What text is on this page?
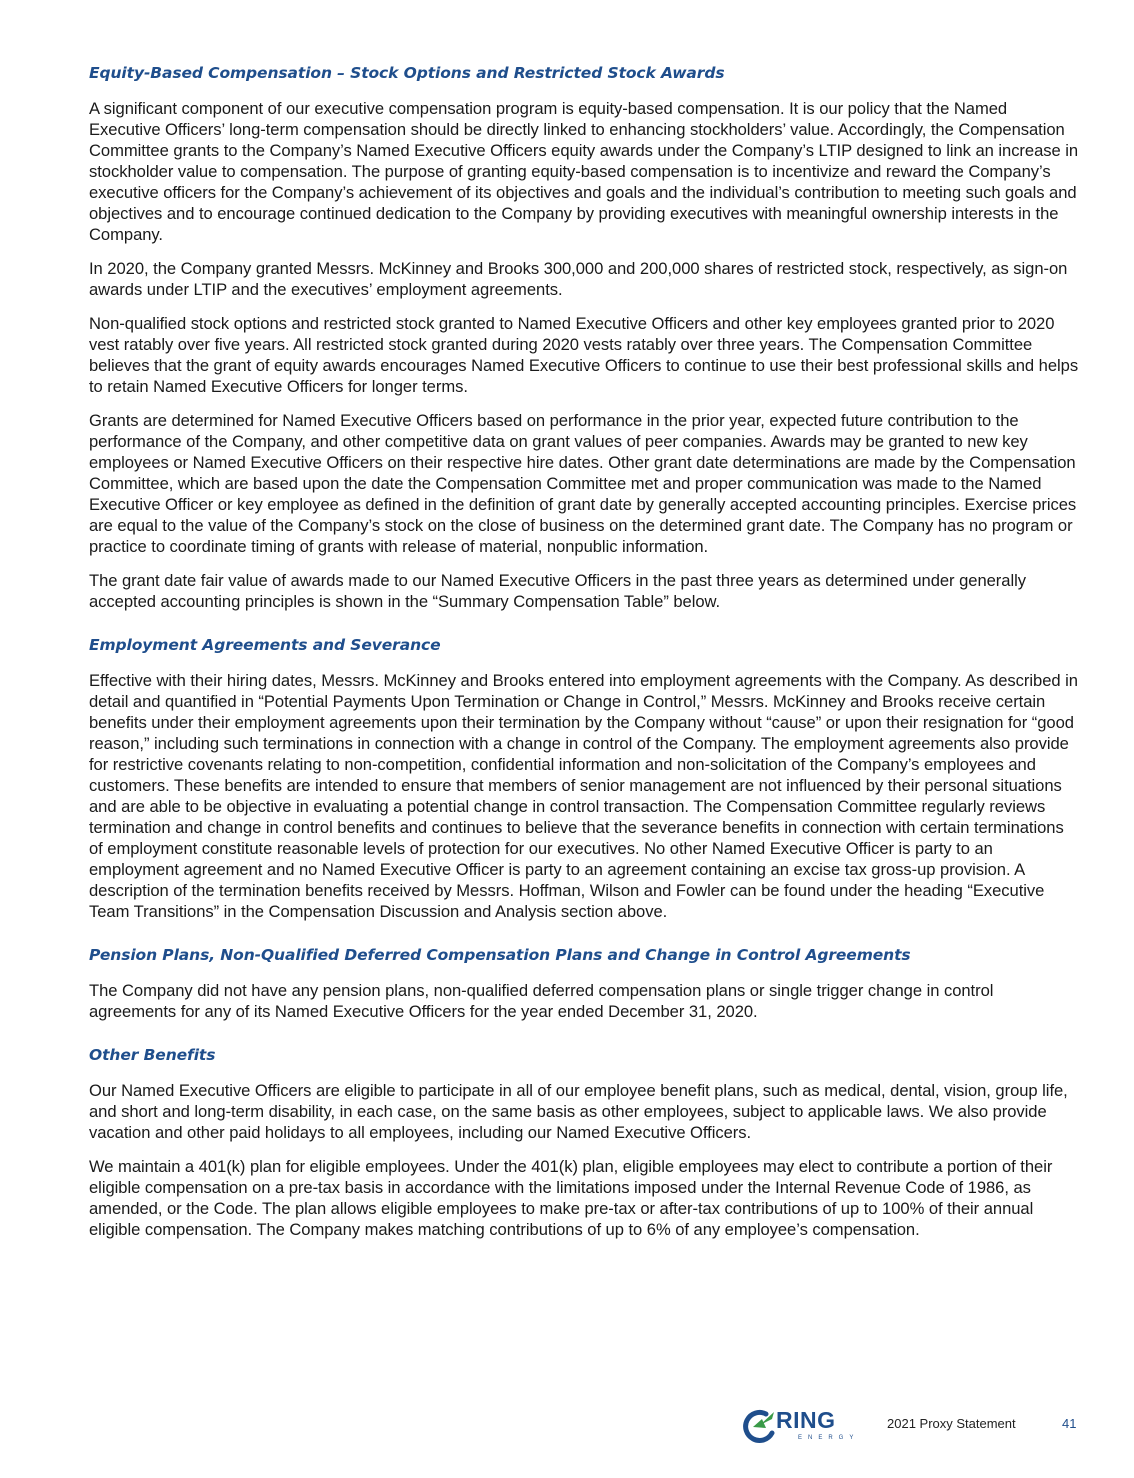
Equity-Based Compensation – Stock Options and Restricted Stock Awards

A significant component of our executive compensation program is equity-based compensation. It is our policy that the Named Executive Officers’ long-term compensation should be directly linked to enhancing stockholders’ value. Accordingly, the Compensation Committee grants to the Company’s Named Executive Officers equity awards under the Company’s LTIP designed to link an increase in stockholder value to compensation. The purpose of granting equity-based compensation is to incentivize and reward the Company’s executive officers for the Company’s achievement of its objectives and goals and the individual’s contribution to meeting such goals and objectives and to encourage continued dedication to the Company by providing executives with meaningful ownership interests in the Company.

In 2020, the Company granted Messrs. McKinney and Brooks 300,000 and 200,000 shares of restricted stock, respectively, as sign-on awards under LTIP and the executives’ employment agreements.

Non-qualified stock options and restricted stock granted to Named Executive Officers and other key employees granted prior to 2020 vest ratably over five years. All restricted stock granted during 2020 vests ratably over three years. The Compensation Committee believes that the grant of equity awards encourages Named Executive Officers to continue to use their best professional skills and helps to retain Named Executive Officers for longer terms.

Grants are determined for Named Executive Officers based on performance in the prior year, expected future contribution to the performance of the Company, and other competitive data on grant values of peer companies. Awards may be granted to new key employees or Named Executive Officers on their respective hire dates. Other grant date determinations are made by the Compensation Committee, which are based upon the date the Compensation Committee met and proper communication was made to the Named Executive Officer or key employee as defined in the definition of grant date by generally accepted accounting principles. Exercise prices are equal to the value of the Company’s stock on the close of business on the determined grant date. The Company has no program or practice to coordinate timing of grants with release of material, nonpublic information.

The grant date fair value of awards made to our Named Executive Officers in the past three years as determined under generally accepted accounting principles is shown in the “Summary Compensation Table” below.

Employment Agreements and Severance

Effective with their hiring dates, Messrs. McKinney and Brooks entered into employment agreements with the Company. As described in detail and quantified in “Potential Payments Upon Termination or Change in Control,” Messrs. McKinney and Brooks receive certain benefits under their employment agreements upon their termination by the Company without “cause” or upon their resignation for “good reason,” including such terminations in connection with a change in control of the Company. The employment agreements also provide for restrictive covenants relating to non-competition, confidential information and non-solicitation of the Company’s employees and customers. These benefits are intended to ensure that members of senior management are not influenced by their personal situations and are able to be objective in evaluating a potential change in control transaction. The Compensation Committee regularly reviews termination and change in control benefits and continues to believe that the severance benefits in connection with certain terminations of employment constitute reasonable levels of protection for our executives. No other Named Executive Officer is party to an employment agreement and no Named Executive Officer is party to an agreement containing an excise tax gross-up provision. A description of the termination benefits received by Messrs. Hoffman, Wilson and Fowler can be found under the heading “Executive Team Transitions” in the Compensation Discussion and Analysis section above.

Pension Plans, Non-Qualified Deferred Compensation Plans and Change in Control Agreements

The Company did not have any pension plans, non-qualified deferred compensation plans or single trigger change in control agreements for any of its Named Executive Officers for the year ended December 31, 2020.

Other Benefits

Our Named Executive Officers are eligible to participate in all of our employee benefit plans, such as medical, dental, vision, group life, and short and long-term disability, in each case, on the same basis as other employees, subject to applicable laws. We also provide vacation and other paid holidays to all employees, including our Named Executive Officers.

We maintain a 401(k) plan for eligible employees. Under the 401(k) plan, eligible employees may elect to contribute a portion of their eligible compensation on a pre-tax basis in accordance with the limitations imposed under the Internal Revenue Code of 1986, as amended, or the Code. The plan allows eligible employees to make pre-tax or after-tax contributions of up to 100% of their annual eligible compensation. The Company makes matching contributions of up to 6% of any employee’s compensation.

RING
ENERGY
2021 Proxy Statement	41
